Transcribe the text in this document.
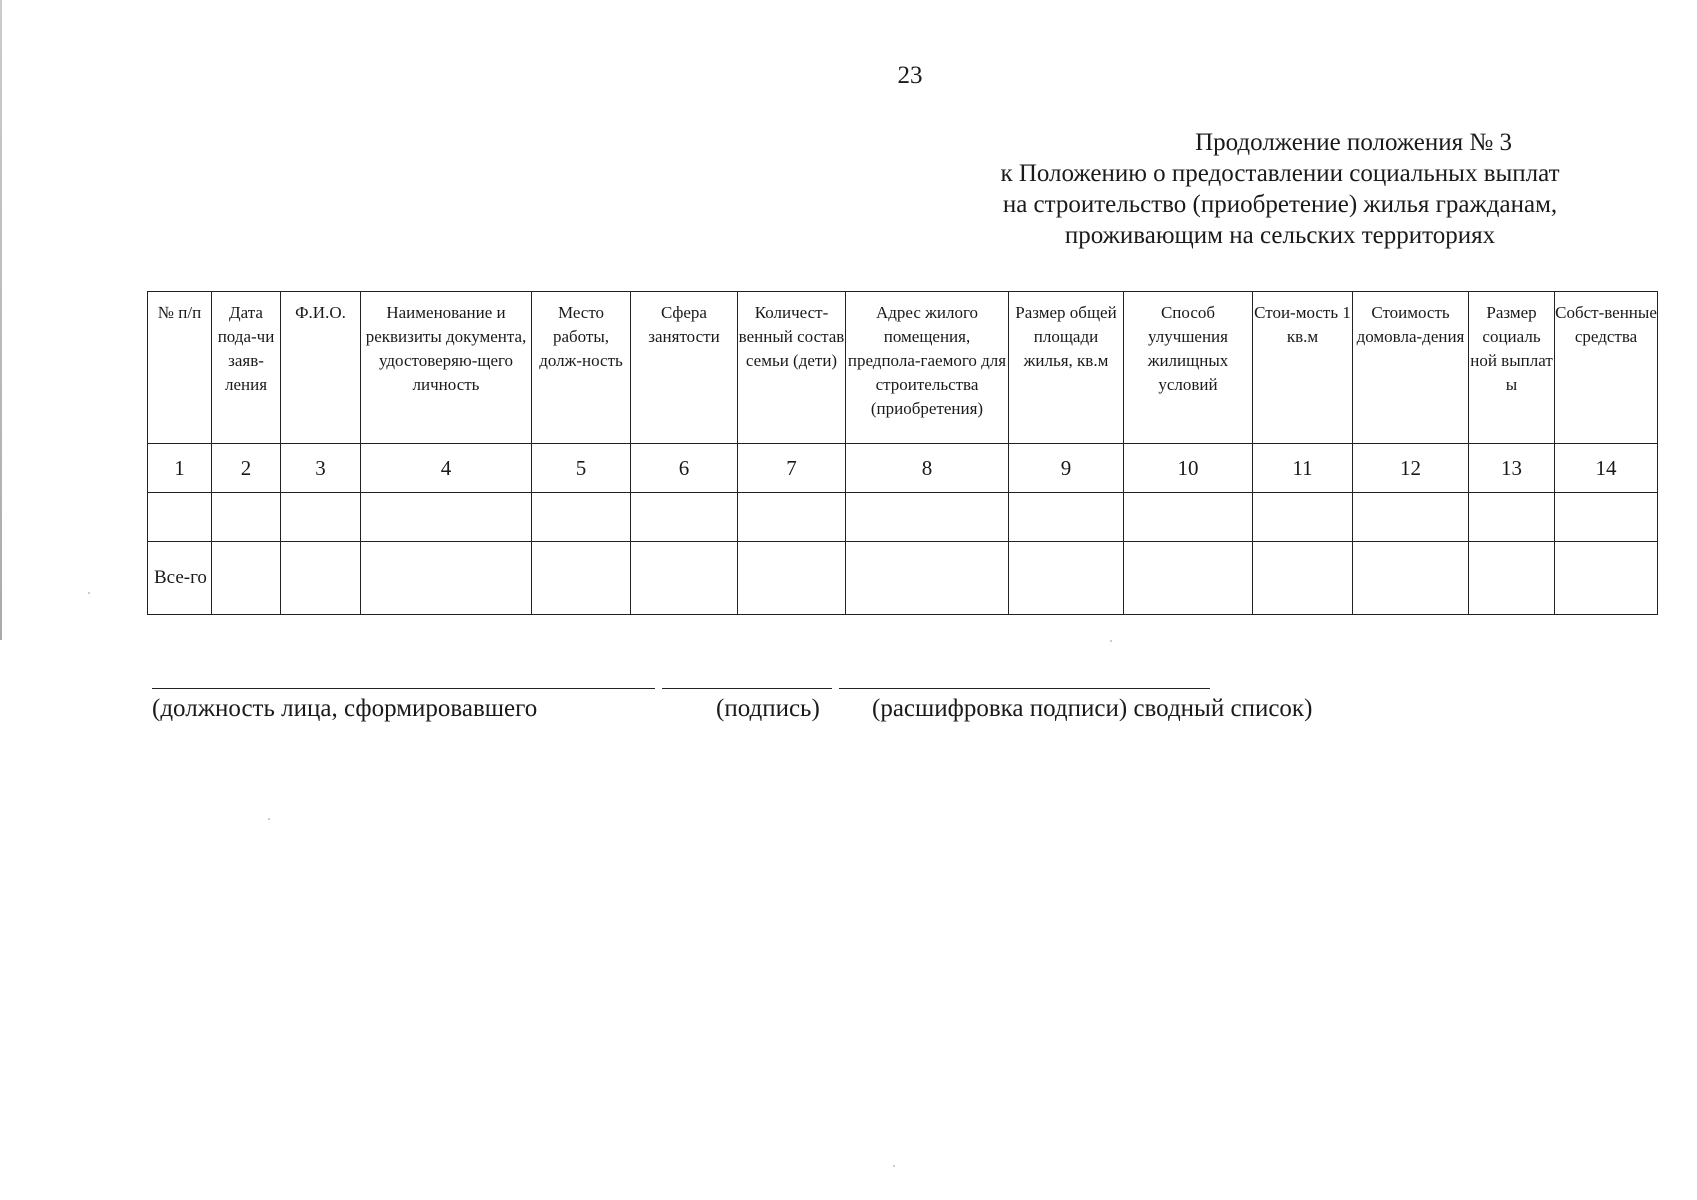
23
Продолжение положения № 3
к Положению о предоставлении социальных выплат
на строительство (приобретение) жилья гражданам,
проживающим на сельских территориях
№ п/п	Дата пода-чи заяв-ления	Ф.И.О.	Наименование и реквизиты документа, удостоверяю-щего личность	Место работы, долж-ность	Сфера занятости	Количест-венный состав семьи (дети)	Адрес жилого помещения, предпола-гаемого для строительства (приобретения)	Размер общей площади жилья, кв.м	Способ улучшения жилищных условий	Стои-мость 1 кв.м	Стоимость домовла-дения	Размер социаль ной выплат ы	Собст-венные средства
1	2	3	4	5	6	7	8	9	10	11	12	13	14

Все-го													
(должность лица, сформировавшего	(подпись) (расшифровка подписи) сводный список)
